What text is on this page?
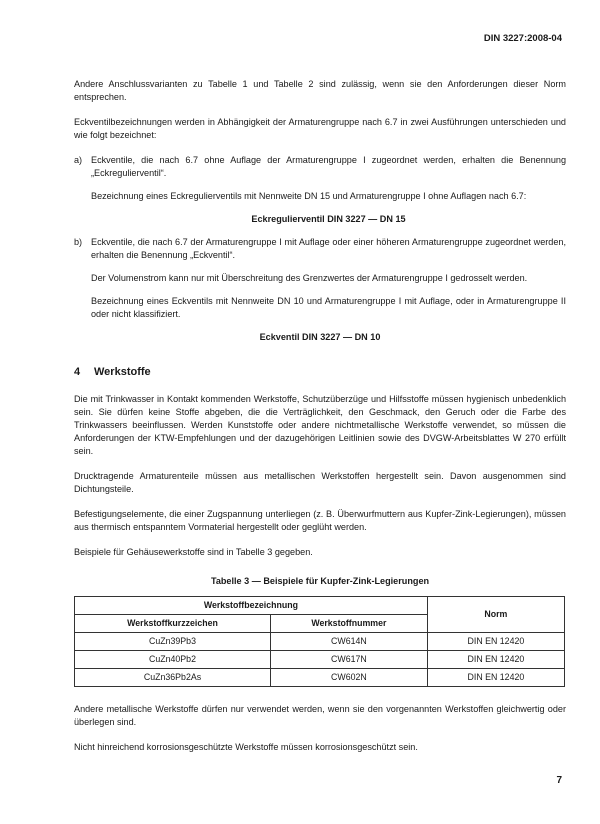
DIN 3227:2008-04

Andere Anschlussvarianten zu Tabelle 1 und Tabelle 2 sind zulässig, wenn sie den Anforderungen dieser Norm entsprechen.

Eckventilbezeichnungen werden in Abhängigkeit der Armaturengruppe nach 6.7 in zwei Ausführungen unterschieden und wie folgt bezeichnet:

a) Eckventile, die nach 6.7 ohne Auflage der Armaturengruppe I zugeordnet werden, erhalten die Benennung „Eckregulierventil“.

Bezeichnung eines Eckregulierventils mit Nennweite DN 15 und Armaturengruppe I ohne Auflagen nach 6.7:

Eckregulierventil DIN 3227 — DN 15
b) Eckventile, die nach 6.7 der Armaturengruppe I mit Auflage oder einer höheren Armaturengruppe zugeordnet werden, erhalten die Benennung „Eckventil“.

Der Volumenstrom kann nur mit Überschreitung des Grenzwertes der Armaturengruppe I gedrosselt werden.

Bezeichnung eines Eckventils mit Nennweite DN 10 und Armaturengruppe I mit Auflage, oder in Armaturengruppe II oder nicht klassifiziert.

Eckventil DIN 3227 — DN 10
4 Werkstoffe

Die mit Trinkwasser in Kontakt kommenden Werkstoffe, Schutzüberzüge und Hilfsstoffe müssen hygienisch unbedenklich sein. Sie dürfen keine Stoffe abgeben, die die Verträglichkeit, den Geschmack, den Geruch oder die Farbe des Trinkwassers beeinflussen. Werden Kunststoffe oder andere nichtmetallische Werkstoffe verwendet, so müssen die Anforderungen der KTW-Empfehlungen und der dazugehörigen Leitlinien sowie des DVGW-Arbeitsblattes W 270 erfüllt sein.

Drucktragende Armaturenteile müssen aus metallischen Werkstoffen hergestellt sein. Davon ausgenommen sind Dichtungsteile.

Befestigungselemente, die einer Zugspannung unterliegen (z. B. Überwurfmuttern aus Kupfer-Zink-Legierungen), müssen aus thermisch entspanntem Vormaterial hergestellt oder geglüht werden.

Beispiele für Gehäusewerkstoffe sind in Tabelle 3 gegeben.

Tabelle 3 — Beispiele für Kupfer-Zink-Legierungen
Werkstoffbezeichnung		Norm
Werkstoffkurzzeichen	Werkstoffnummer	
CuZn39Pb3	CW614N	DIN EN 12420
CuZn40Pb2	CW617N	DIN EN 12420
CuZn36Pb2As	CW602N	DIN EN 12420

Andere metallische Werkstoffe dürfen nur verwendet werden, wenn sie den vorgenannten Werkstoffen gleichwertig oder überlegen sind.

Nicht hinreichend korrosionsgeschützte Werkstoffe müssen korrosionsgeschützt sein.

7
